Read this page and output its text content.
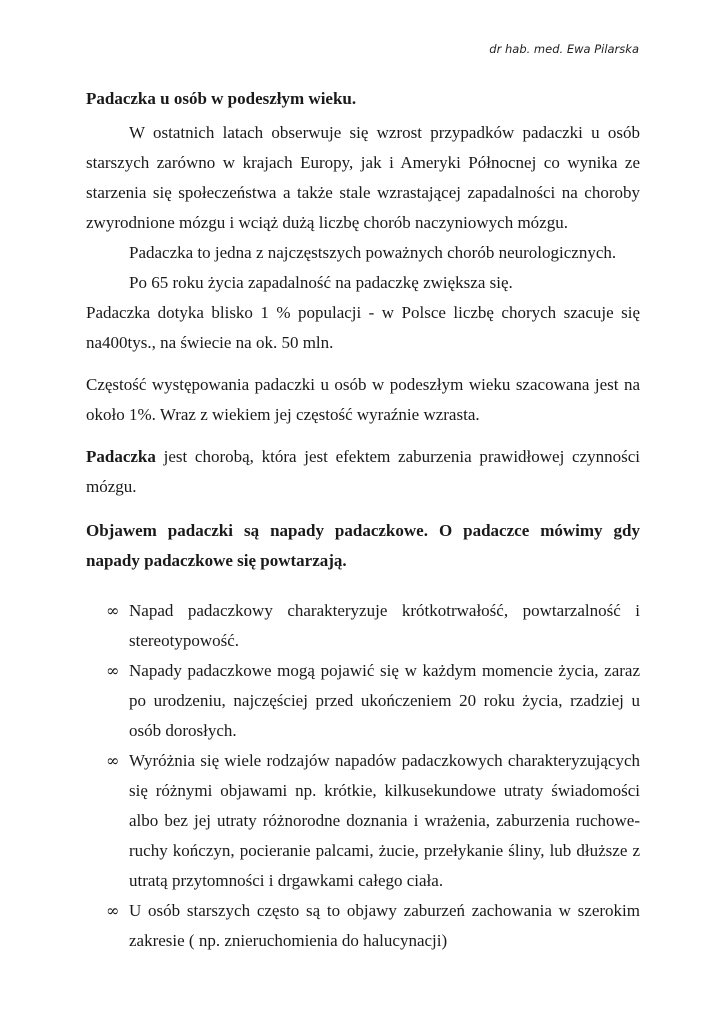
dr hab. med. Ewa Pilarska

Padaczka u osób w podeszłym wieku.

W ostatnich latach obserwuje się wzrost przypadków padaczki u osób starszych zarówno w krajach Europy, jak i Ameryki Północnej co wynika ze starzenia się społeczeństwa a także stale wzrastającej zapadalności na choroby zwyrodnione mózgu i wciąż dużą liczbę chorób naczyniowych mózgu.

Padaczka to jedna z najczęstszych poważnych chorób neurologicznych.

Po 65 roku życia zapadalność na padaczkę zwiększa się.

Padaczka dotyka blisko 1 % populacji - w Polsce liczbę chorych szacuje się na400tys., na świecie na ok. 50 mln.

Częstość występowania padaczki u osób w podeszłym wieku szacowana jest na około 1%. Wraz z wiekiem jej częstość wyraźnie wzrasta.

Padaczka jest chorobą, która jest efektem zaburzenia prawidłowej czynności mózgu.

Objawem padaczki są napady padaczkowe. O padaczce mówimy gdy napady padaczkowe się powtarzają.

∞ Napad padaczkowy charakteryzuje krótkotrwałość, powtarzalność i stereotypowość.
∞ Napady padaczkowe mogą pojawić się w każdym momencie życia, zaraz po urodzeniu, najczęściej przed ukończeniem 20 roku życia, rzadziej u osób dorosłych.
∞ Wyróżnia się wiele rodzajów napadów padaczkowych charakteryzujących się różnymi objawami np. krótkie, kilkusekundowe utraty świadomości albo bez jej utraty różnorodne doznania i wrażenia, zaburzenia ruchowe-ruchy kończyn, pocieranie palcami, żucie, przełykanie śliny, lub dłuższe z utratą przytomności i drgawkami całego ciała.
∞ U osób starszych często są to objawy zaburzeń zachowania w szerokim zakresie ( np. znieruchomienia do halucynacji)
